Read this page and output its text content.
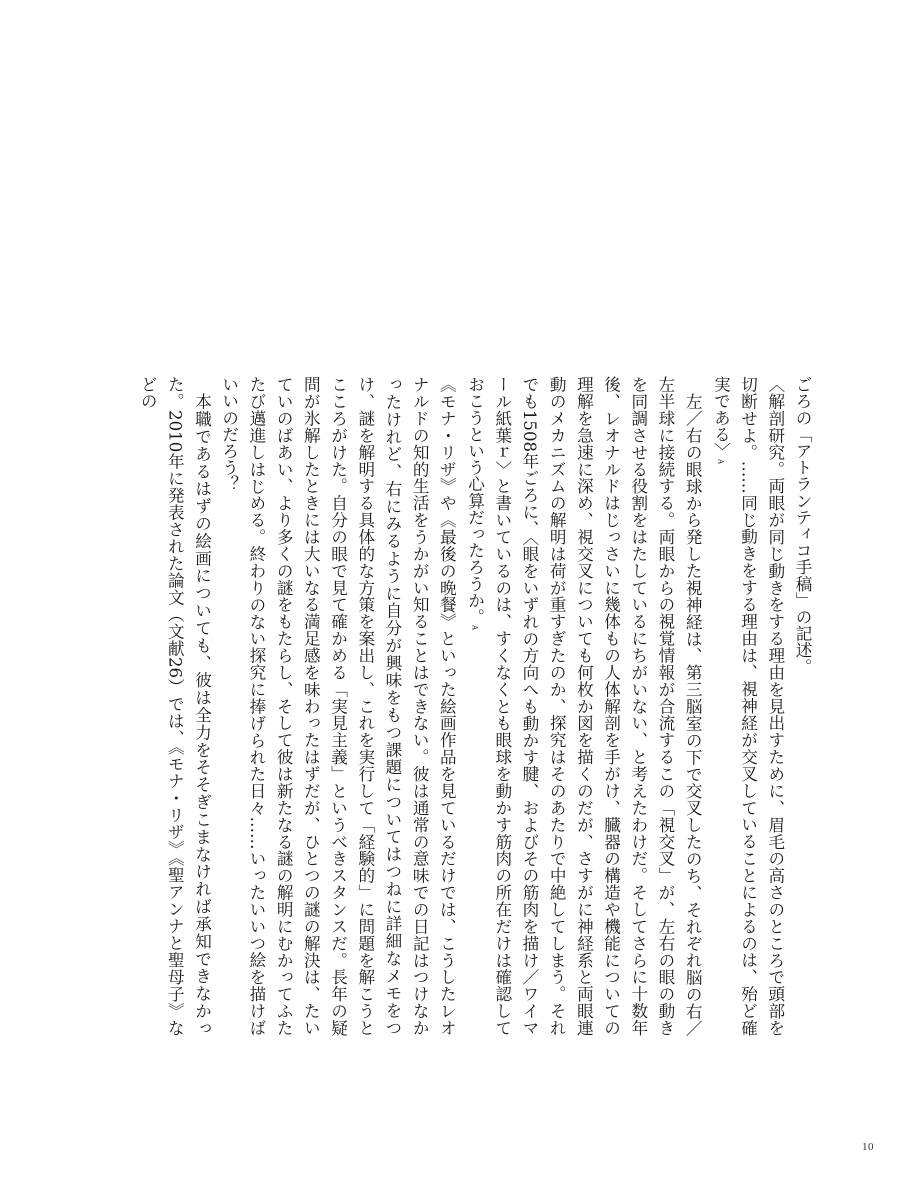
ごろの「アトランティコ手稿」の記述。

〈解剖研究。両眼が同じ動きをする理由を見出すために、眉毛の高さのところで頭部を切断せよ。……同じ動きをする理由は、視神経が交叉していることによるのは、殆ど確実である〉A

左／右の眼球から発した視神経は、第三脳室の下で交叉したのち、それぞれ脳の右／左半球に接続する。両眼からの視覚情報が合流するこの「視交叉」が、左右の眼の動きを同調させる役割をはたしているにちがいない、と考えたわけだ。そしてさらに十数年後、レオナルドはじっさいに幾体もの人体解剖を手がけ、臓器の構造や機能についての理解を急速に深め、視交叉についても何枚か図を描くのだが、さすがに神経系と両眼連動のメカニズムの解明は荷が重すぎたのか、探究はそのあたりで中絶してしまう。それでも1508年ごろに、〈眼をいずれの方向へも動かす腱、およびその筋肉を描け／ワイマール紙葉ｒ〉と書いているのは、すくなくとも眼球を動かす筋肉の所在だけは確認しておこうという心算だったろうか。A

《モナ・リザ》や《最後の晩餐》といった絵画作品を見ているだけでは、こうしたレオナルドの知的生活をうかがい知ることはできない。彼は通常の意味での日記はつけなかったけれど、右にみるように自分が興味をもつ課題についてはつねに詳細なメモをつけ、謎を解明する具体的な方策を案出し、これを実行して「経験的」に問題を解こうとこころがけた。自分の眼で見て確かめる「実見主義」というべきスタンスだ。長年の疑問が氷解したときには大いなる満足感を味わったはずだが、ひとつの謎の解決は、たいていのばあい、より多くの謎をもたらし、そして彼は新たなる謎の解明にむかってふたたび邁進しはじめる。終わりのない探究に捧げられた日々……いったいいつ絵を描けばいいのだろう？

本職であるはずの絵画についても、彼は全力をそそぎこまなければ承知できなかった。2010年に発表された論文（文献26）では、《モナ・リザ》《聖アンナと聖母子》などの

10
